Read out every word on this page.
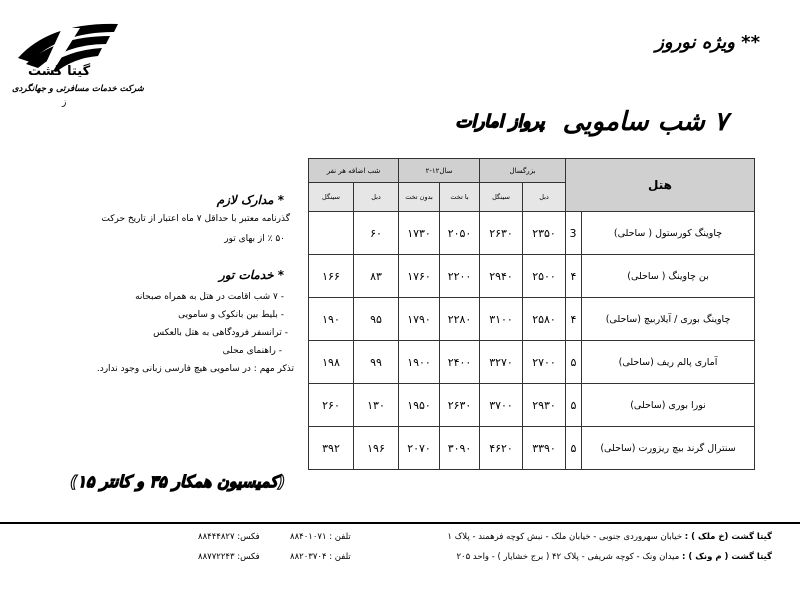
گیتا گشت
شرکت خدمات مسافرتی و جهانگردی
ز
** ویژه نوروز
۷ شب سامویی
پرواز امارات
شب اضافه هر نفر		۲-۱۲سال		بزرگسال		هتل	
سینگل	دبل	بدون تخت	با تخت	سینگل	دبل		
	۶۰	۱۷۳۰	۲۰۵۰	۲۶۳۰	۲۳۵۰	3	چاوینگ کورستول ( ساحلی)
۱۶۶	۸۳	۱۷۶۰	۲۲۰۰	۲۹۴۰	۲۵۰۰	۴	بن چاوینگ ( ساحلی)
۱۹۰	۹۵	۱۷۹۰	۲۲۸۰	۳۱۰۰	۲۵۸۰	۴	چاوینگ بوری / آیلاربیچ (ساحلی)
۱۹۸	۹۹	۱۹۰۰	۲۴۰۰	۳۲۷۰	۲۷۰۰	۵	آماری پالم ریف (ساحلی)
۲۶۰	۱۳۰	۱۹۵۰	۲۶۳۰	۳۷۰۰	۲۹۳۰	۵	نورا بوری (ساحلی)
۳۹۲	۱۹۶	۲۰۷۰	۳۰۹۰	۴۶۲۰	۳۳۹۰	۵	سنترال گرند بیچ ریزورت (ساحلی)
* مدارک لازم
گذرنامه معتبر با حداقل ۷ ماه اعتبار از تاریخ حرکت
۵۰ ٪ از بهای تور
* خدمات تور
- ۷ شب اقامت در هتل به همراه صبحانه
- بلیط بین بانکوک و سامویی
- ترانسفر فرودگاهی به هتل بالعکس
- راهنمای محلی
تذکر مهم : در سامویی هیچ فارسی زبانی وجود ندارد.
(کمیسیون همکار ۳۵ و کانتر ۱۵)
گیتا گشت (خ ملک ) : خیابان سهروردی جنوبی - خیابان ملک - نبش کوچه فرهمند - پلاک ۱
تلفن : ۸۸۴۰۱۰۷۱
فکس: ۸۸۴۴۴۸۲۷
گیتا گشت ( م ونک ) : میدان ونک - کوچه شریفی - پلاک ۴۲ ( برج خشایار ) - واحد ۲۰۵
تلفن : ۸۸۲۰۳۷۰۴
فکس: ۸۸۷۷۲۲۴۳
